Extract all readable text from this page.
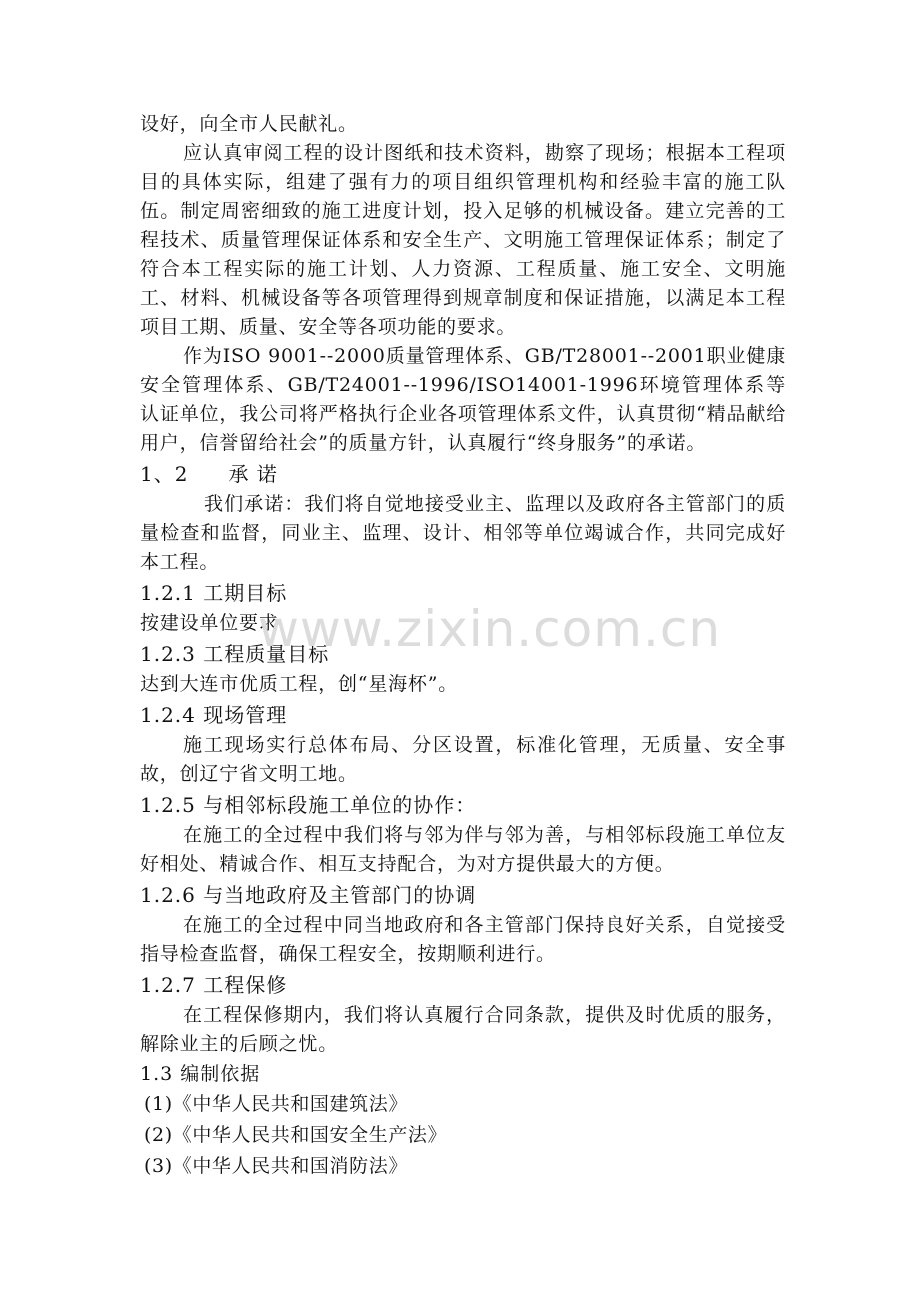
设好，向全市人民献礼。

应认真审阅工程的设计图纸和技术资料，勘察了现场；根据本工程项目的具体实际，组建了强有力的项目组织管理机构和经验丰富的施工队伍。制定周密细致的施工进度计划，投入足够的机械设备。建立完善的工程技术、质量管理保证体系和安全生产、文明施工管理保证体系；制定了符合本工程实际的施工计划、人力资源、工程质量、施工安全、文明施工、材料、机械设备等各项管理得到规章制度和保证措施，以满足本工程项目工期、质量、安全等各项功能的要求。

作为ISO 9001--2000质量管理体系、GB/T28001--2001职业健康安全管理体系、GB/T24001--1996/ISO14001-1996环境管理体系等认证单位，我公司将严格执行企业各项管理体系文件，认真贯彻“精品献给用户，信誉留给社会”的质量方针，认真履行“终身服务”的承诺。

1、2 承 诺

我们承诺：我们将自觉地接受业主、监理以及政府各主管部门的质量检查和监督，同业主、监理、设计、相邻等单位竭诚合作，共同完成好本工程。

1.2.1 工期目标

按建设单位要求

1.2.3 工程质量目标

达到大连市优质工程，创“星海杯”。

1.2.4 现场管理

施工现场实行总体布局、分区设置，标准化管理，无质量、安全事故，创辽宁省文明工地。

1.2.5 与相邻标段施工单位的协作：

在施工的全过程中我们将与邻为伴与邻为善，与相邻标段施工单位友好相处、精诚合作、相互支持配合，为对方提供最大的方便。

1.2.6 与当地政府及主管部门的协调

在施工的全过程中同当地政府和各主管部门保持良好关系，自觉接受指导检查监督，确保工程安全，按期顺利进行。

1.2.7 工程保修

在工程保修期内，我们将认真履行合同条款，提供及时优质的服务，解除业主的后顾之忧。

1.3 编制依据
(1)《中华人民共和国建筑法》
(2)《中华人民共和国安全生产法》
(3)《中华人民共和国消防法》
www.zixin.com.cn
